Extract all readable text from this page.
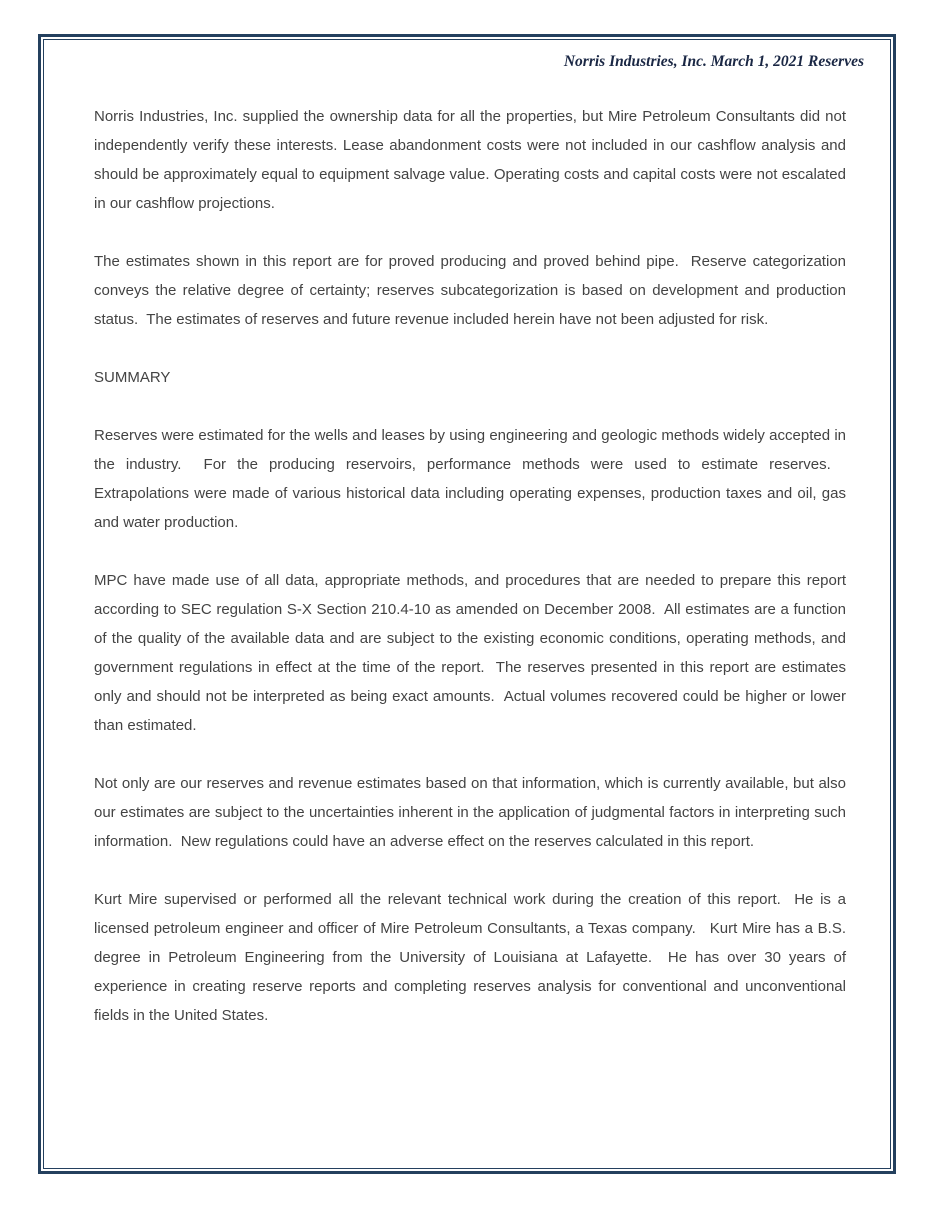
Norris Industries, Inc. March 1, 2021 Reserves

Norris Industries, Inc. supplied the ownership data for all the properties, but Mire Petroleum Consultants did not independently verify these interests. Lease abandonment costs were not included in our cashflow analysis and should be approximately equal to equipment salvage value. Operating costs and capital costs were not escalated in our cashflow projections.

The estimates shown in this report are for proved producing and proved behind pipe.  Reserve categorization conveys the relative degree of certainty; reserves subcategorization is based on development and production status.  The estimates of reserves and future revenue included herein have not been adjusted for risk.

SUMMARY

Reserves were estimated for the wells and leases by using engineering and geologic methods widely accepted in the industry.  For the producing reservoirs, performance methods were used to estimate reserves.   Extrapolations were made of various historical data including operating expenses, production taxes and oil, gas and water production.

MPC have made use of all data, appropriate methods, and procedures that are needed to prepare this report according to SEC regulation S-X Section 210.4-10 as amended on December 2008.  All estimates are a function of the quality of the available data and are subject to the existing economic conditions, operating methods, and government regulations in effect at the time of the report.  The reserves presented in this report are estimates only and should not be interpreted as being exact amounts.  Actual volumes recovered could be higher or lower than estimated.

Not only are our reserves and revenue estimates based on that information, which is currently available, but also our estimates are subject to the uncertainties inherent in the application of judgmental factors in interpreting such information.  New regulations could have an adverse effect on the reserves calculated in this report.

Kurt Mire supervised or performed all the relevant technical work during the creation of this report.  He is a licensed petroleum engineer and officer of Mire Petroleum Consultants, a Texas company.   Kurt Mire has a B.S. degree in Petroleum Engineering from the University of Louisiana at Lafayette.  He has over 30 years of experience in creating reserve reports and completing reserves analysis for conventional and unconventional fields in the United States.
